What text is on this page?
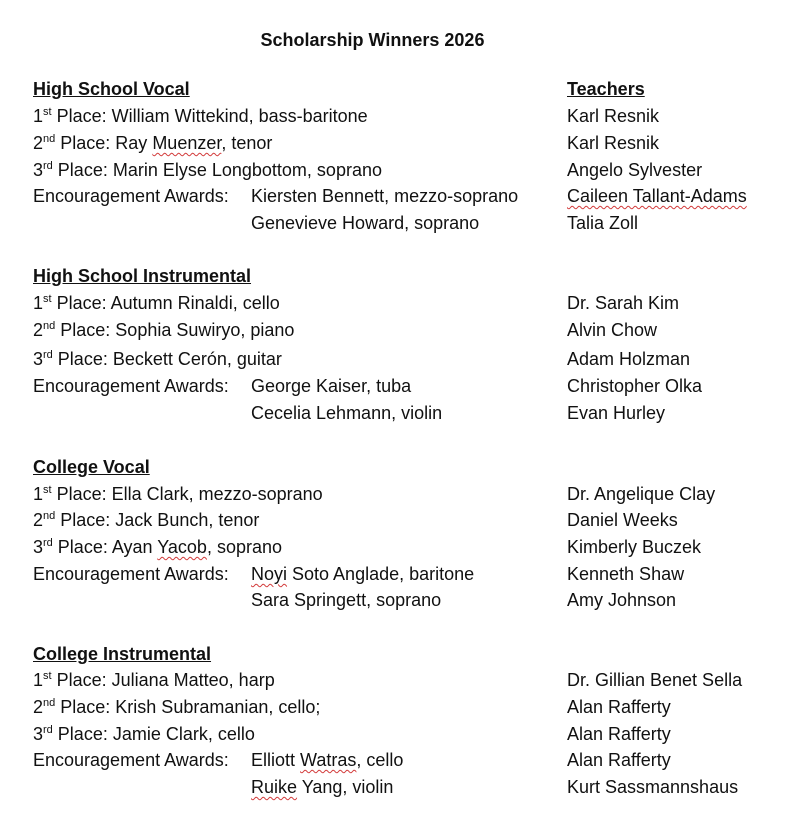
Scholarship Winners 2026
High School Vocal	Teachers
1st Place: William Wittekind, bass-baritone	Karl Resnik
2nd Place: Ray Muenzer, tenor	Karl Resnik
3rd Place: Marin Elyse Longbottom, soprano	Angelo Sylvester
Encouragement Awards: Kiersten Bennett, mezzo-soprano	Caileen Tallant-Adams
Genevieve Howard, soprano	Talia Zoll
High School Instrumental
1st Place: Autumn Rinaldi, cello	Dr. Sarah Kim
2nd Place: Sophia Suwiryo, piano	Alvin Chow
3rd Place: Beckett Cerón, guitar	Adam Holzman
Encouragement Awards: George Kaiser, tuba	Christopher Olka
Cecelia Lehmann, violin	Evan Hurley
College Vocal
1st Place: Ella Clark, mezzo-soprano	Dr. Angelique Clay
2nd Place: Jack Bunch, tenor	Daniel Weeks
3rd Place: Ayan Yacob, soprano	Kimberly Buczek
Encouragement Awards: Noyi Soto Anglade, baritone	Kenneth Shaw
Sara Springett, soprano	Amy Johnson
College Instrumental
1st Place: Juliana Matteo, harp	Dr. Gillian Benet Sella
2nd Place: Krish Subramanian, cello;	Alan Rafferty
3rd Place: Jamie Clark, cello	Alan Rafferty
Encouragement Awards: Elliott Watras, cello	Alan Rafferty
Ruike Yang, violin	Kurt Sassmannshaus
